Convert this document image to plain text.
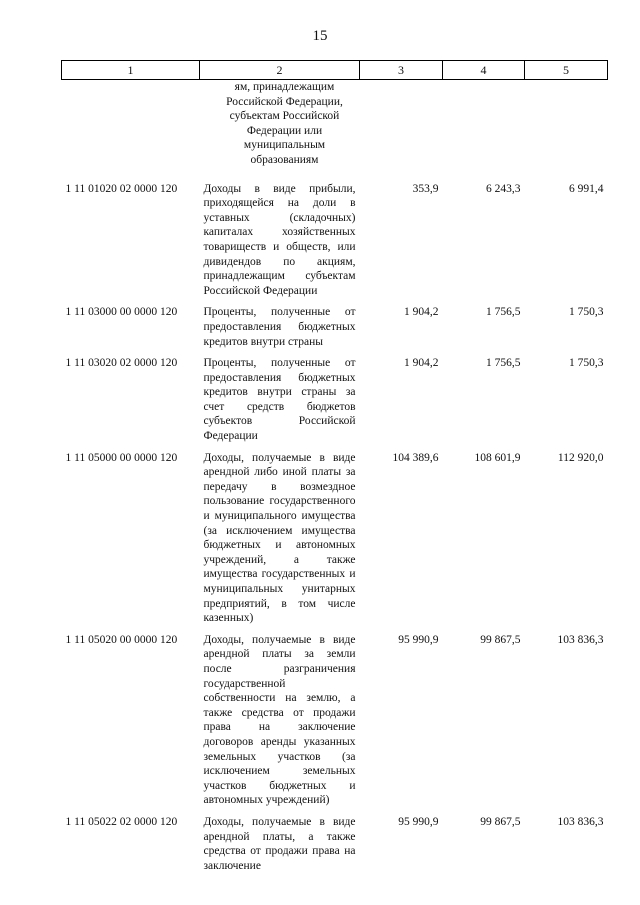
15
1	2	3	4	5
	ям, принадлежащим Российской Федерации, субъектам Российской Федерации или муниципальным образованиям			
1 11 01020 02 0000 120	Доходы в виде прибыли, приходящейся на доли в уставных (складочных) капиталах хозяйственных товариществ и обществ, или дивидендов по акциям, принадлежащим субъектам Российской Федерации	353,9	6 243,3	6 991,4
1 11 03000 00 0000 120	Проценты, полученные от предоставления бюджетных кредитов внутри страны	1 904,2	1 756,5	1 750,3
1 11 03020 02 0000 120	Проценты, полученные от предоставления бюджетных кредитов внутри страны за счет средств бюджетов субъектов Российской Федерации	1 904,2	1 756,5	1 750,3
1 11 05000 00 0000 120	Доходы, получаемые в виде арендной либо иной платы за передачу в возмездное пользование государственного и муниципального имущества (за исключением имущества бюджетных и автономных учреждений, а также имущества государственных и муниципальных унитарных предприятий, в том числе казенных)	104 389,6	108 601,9	112 920,0
1 11 05020 00 0000 120	Доходы, получаемые в виде арендной платы за земли после разграничения государственной собственности на землю, а также средства от продажи права на заключение договоров аренды указанных земельных участков (за исключением земельных участков бюджетных и автономных учреждений)	95 990,9	99 867,5	103 836,3
1 11 05022 02 0000 120	Доходы, получаемые в виде арендной платы, а также средства от продажи права на заключение	95 990,9	99 867,5	103 836,3
